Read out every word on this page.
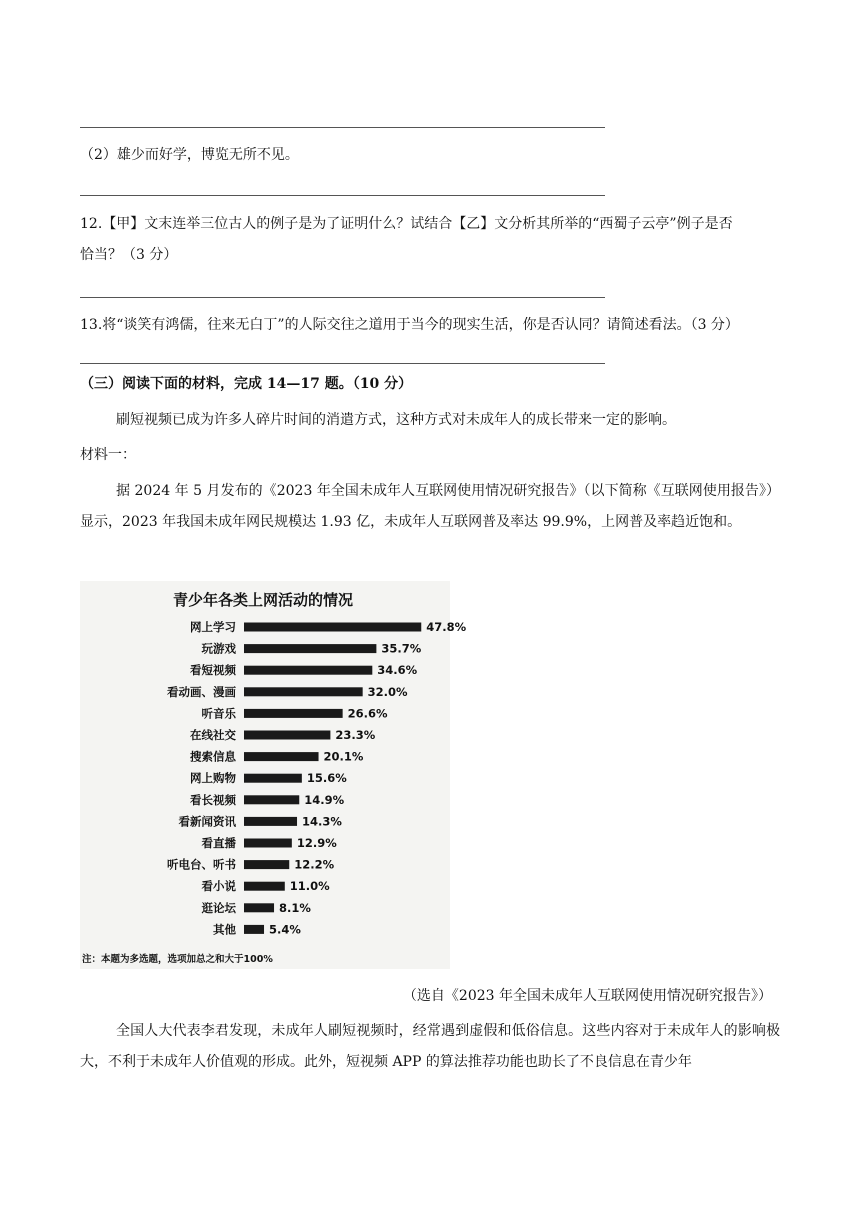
（2）雄少而好学，博览无所不见。
12.【甲】文末连举三位古人的例子是为了证明什么？试结合【乙】文分析其所举的“西蜀子云亭”例子是否
恰当？（3 分）
13.将“谈笑有鸿儒，往来无白丁”的人际交往之道用于当今的现实生活，你是否认同？请简述看法。（3 分）
（三）阅读下面的材料，完成 14—17 题。（10 分）
刷短视频已成为许多人碎片时间的消遣方式，这种方式对未成年人的成长带来一定的影响。
材料一：
据 2024 年 5 月发布的《2023 年全国未成年人互联网使用情况研究报告》（以下简称《互联网使用报告》）显示，2023 年我国未成年网民规模达 1.93 亿，未成年人互联网普及率达 99.9%，上网普及率趋近饱和。
青少年各类上网活动的情况
网上学习	47.8%
玩游戏	35.7%
看短视频	34.6%
看动画、漫画	32.0%
听音乐	26.6%
在线社交	23.3%
搜索信息	20.1%
网上购物	15.6%
看长视频	14.9%
看新闻资讯	14.3%
看直播	12.9%
听电台、听书	12.2%
看小说	11.0%
逛论坛	8.1%
其他	5.4%
注：本题为多选题，选项加总之和大于100%
（选自《2023 年全国未成年人互联网使用情况研究报告》）
全国人大代表李君发现，未成年人刷短视频时，经常遇到虚假和低俗信息。这些内容对于未成年人的影响极大，不利于未成年人价值观的形成。此外，短视频 APP 的算法推荐功能也助长了不良信息在青少年
